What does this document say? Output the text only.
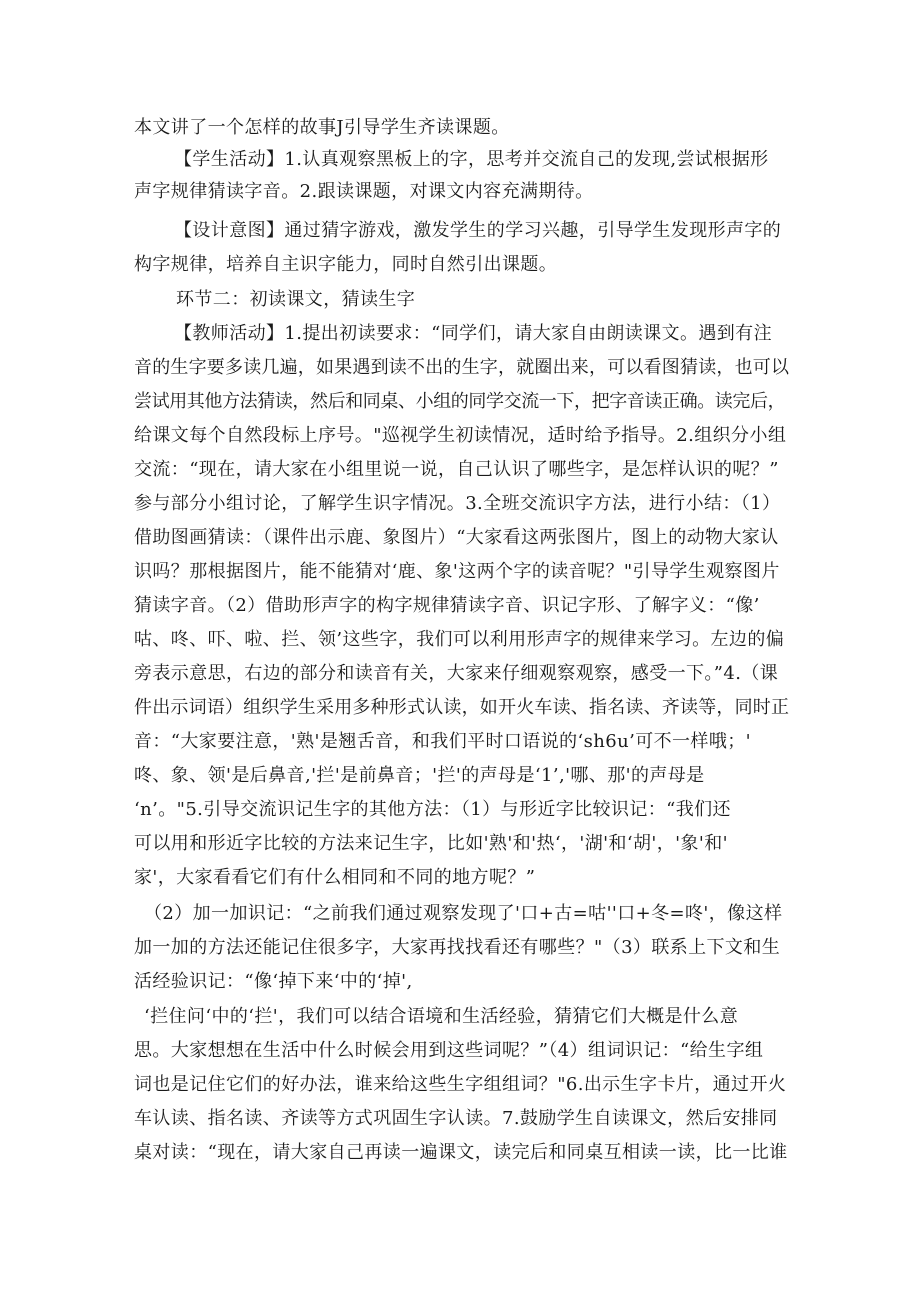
本文讲了一个怎样的故事J引导学生齐读课题。
【学生活动】1.认真观察黑板上的字，思考并交流自己的发现,尝试根据形
声字规律猜读字音。2.跟读课题，对课文内容充满期待。
【设计意图】通过猜字游戏，激发学生的学习兴趣，引导学生发现形声字的
构字规律，培养自主识字能力，同时自然引出课题。
环节二：初读课文，猜读生字
【教师活动】1.提出初读要求：“同学们，请大家自由朗读课文。遇到有注
音的生字要多读几遍，如果遇到读不出的生字，就圈出来，可以看图猜读，也可以
尝试用其他方法猜读，然后和同桌、小组的同学交流一下，把字音读正确。读完后，
给课文每个自然段标上序号。"巡视学生初读情况，适时给予指导。2.组织分小组
交流：“现在，请大家在小组里说一说，自己认识了哪些字，是怎样认识的呢？”
参与部分小组讨论，了解学生识字情况。3.全班交流识字方法，进行小结：（1）
借助图画猜读：（课件出示鹿、象图片）“大家看这两张图片，图上的动物大家认
识吗？那根据图片，能不能猜对‘鹿、象'这两个字的读音呢？"引导学生观察图片
猜读字音。（2）借助形声字的构字规律猜读字音、识记字形、了解字义：“像’
咕、咚、吓、啦、拦、领’这些字，我们可以利用形声字的规律来学习。左边的偏
旁表示意思，右边的部分和读音有关，大家来仔细观察观察，感受一下。”4.（课
件出示词语）组织学生采用多种形式认读，如开火车读、指名读、齐读等，同时正
音：“大家要注意，'熟'是翘舌音，和我们平时口语说的‘sh6u’可不一样哦；'
咚、象、领'是后鼻音,'拦'是前鼻音；'拦'的声母是‘1’,'哪、那'的声母是
‘n’。"5.引导交流识记生字的其他方法：（1）与形近字比较识记：“我们还
可以用和形近字比较的方法来记生字，比如'熟'和'热‘，'湖'和‘胡'，'象'和'
家'，大家看看它们有什么相同和不同的地方呢？”
（2）加一加识记：“之前我们通过观察发现了'口+古=咕''口+冬=咚'，像这样
加一加的方法还能记住很多字，大家再找找看还有哪些？"（3）联系上下文和生
活经验识记：“像‘掉下来‘中的‘掉',
‘拦住问‘中的‘拦'，我们可以结合语境和生活经验，猜猜它们大概是什么意
思。大家想想在生活中什么时候会用到这些词呢？”（4）组词识记：“给生字组
词也是记住它们的好办法，谁来给这些生字组组词？"6.出示生字卡片，通过开火
车认读、指名读、齐读等方式巩固生字认读。7.鼓励学生自读课文，然后安排同
桌对读：“现在，请大家自己再读一遍课文，读完后和同桌互相读一读，比一比谁
